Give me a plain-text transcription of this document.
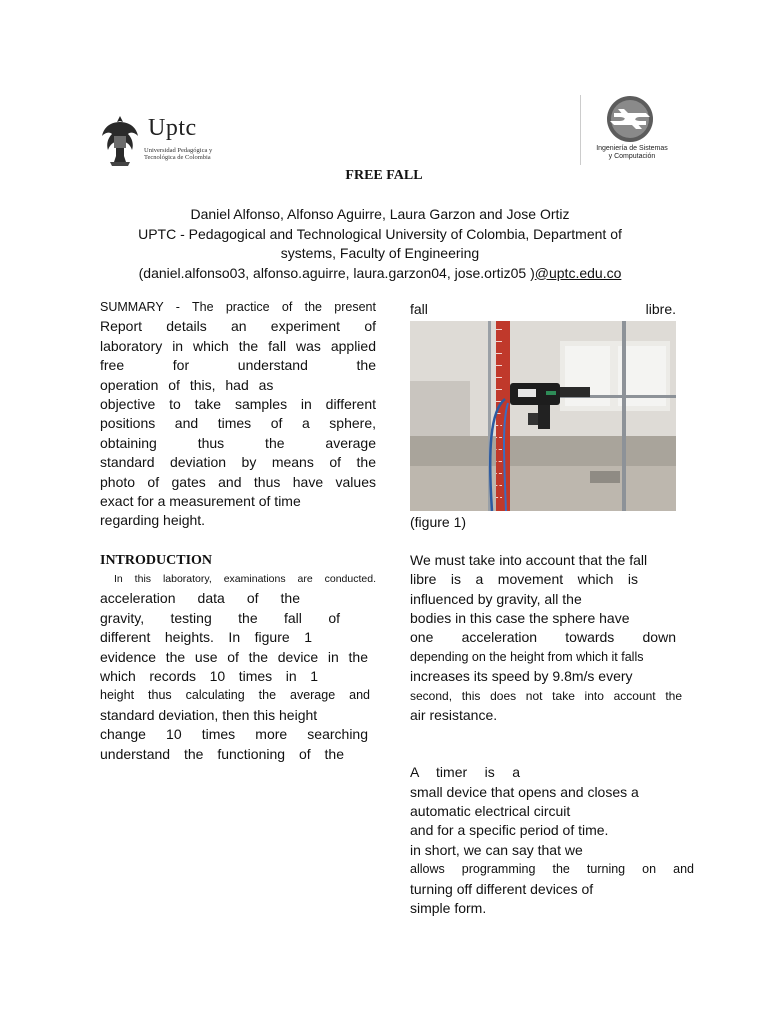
Uptc
Universidad Pedagógica y
Tecnológica de Colombia
Ingeniería de Sistemas
y Computación
FREE FALL
Daniel Alfonso, Alfonso Aguirre, Laura Garzon and Jose Ortiz
UPTC - Pedagogical and Technological University of Colombia, Department of
systems, Faculty of Engineering
(daniel.alfonso03, alfonso.aguirre, laura.garzon04, jose.ortiz05 )@uptc.edu.co
SUMMARY - The practice of the present
Report details an experiment of
laboratory in which the fall was applied
free for understand the
operation of this, had as
objective to take samples in different
positions and times of a sphere,
obtaining thus the average
standard deviation by means of the
photo of gates and thus have values
exact for a measurement of time
regarding height.
INTRODUCTION
In this laboratory, examinations are conducted.
acceleration data of the
gravity, testing the fall of
different heights. In figure 1
evidence the use of the device in the
which records 10 times in 1
height thus calculating the average and
standard deviation, then this height
change 10 times more searching
understand the functioning of the
fall libre.
(figure 1)
We must take into account that the fall
libre is a movement which is
influenced by gravity, all the
bodies in this case the sphere have
one acceleration towards down
depending on the height from which it falls
increases its speed by 9.8m/s every
second, this does not take into account the
air resistance.
A timer is a
small device that opens and closes a
automatic electrical circuit
and for a specific period of time.
in short, we can say that we
allows programming the turning on and
turning off different devices of
simple form.
